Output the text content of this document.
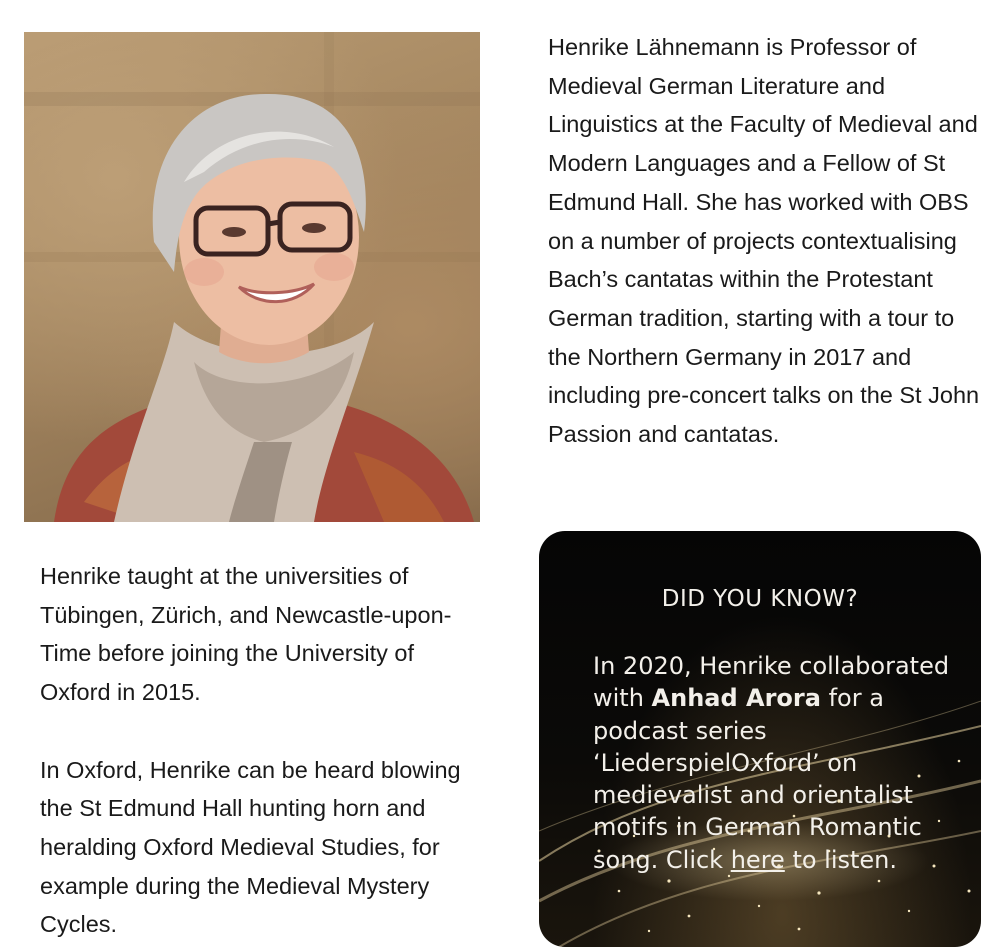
Henrike Lähnemann is Professor of Medieval German Literature and Linguistics at the Faculty of Medieval and Modern Languages and a Fellow of St Edmund Hall. She has worked with OBS on a number of projects contextualising Bach’s cantatas within the Protestant German tradition, starting with a tour to the Northern Germany in 2017 and including pre-concert talks on the St John Passion and cantatas.

Henrike taught at the universities of Tübingen, Zürich, and Newcastle-upon-Time before joining the University of Oxford in 2015.

In Oxford, Henrike can be heard blowing the St Edmund Hall hunting horn and heralding Oxford Medieval Studies, for example during the Medieval Mystery Cycles.

DID YOU KNOW?

In 2020, Henrike collaborated with Anhad Arora for a podcast series ‘LiederspielOxford’ on medievalist and orientalist motifs in German Romantic song. Click here to listen.
